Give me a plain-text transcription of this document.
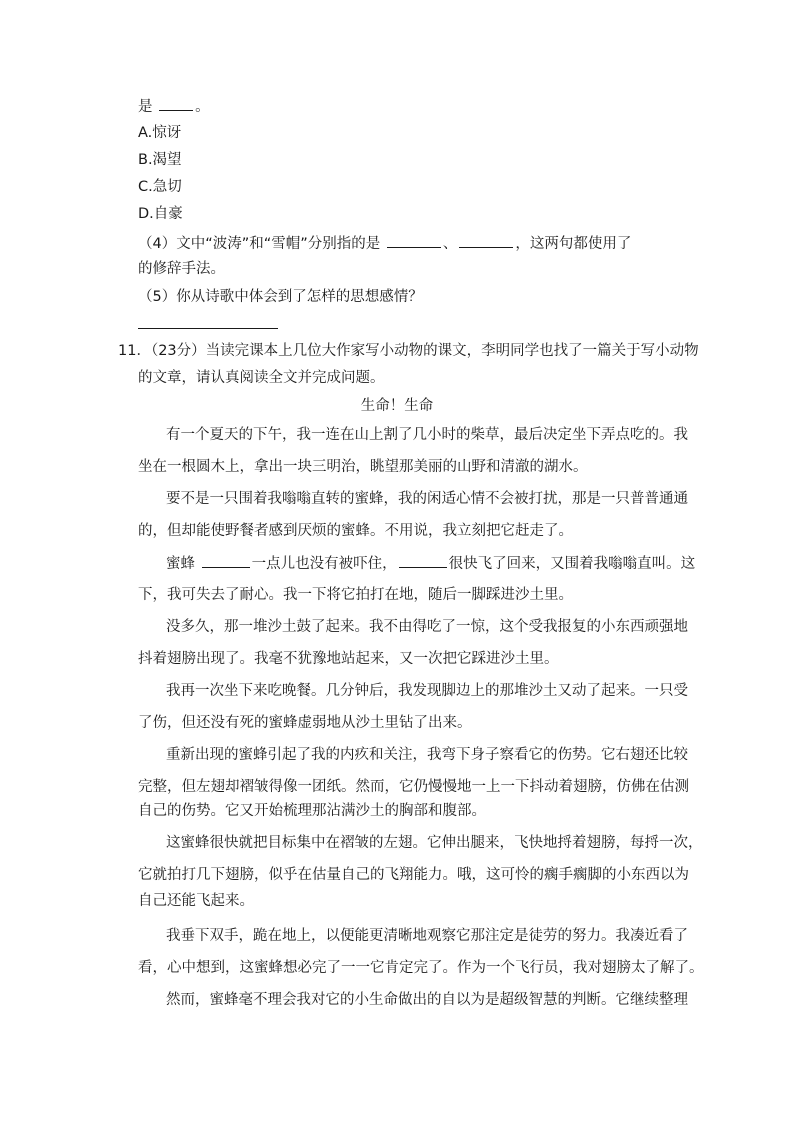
是	。
A.惊讶
B.渴望
C.急切
D.自豪
（4）文中“波涛”和“雪帽”分别指的是	、	，这两句都使用了
的修辞手法。
（5）你从诗歌中体会到了怎样的思想感情？
11．（23分）当读完课本上几位大作家写小动物的课文，李明同学也找了一篇关于写小动物
的文章，请认真阅读全文并完成问题。
生命！生命
有一个夏天的下午，我一连在山上割了几小时的柴草，最后决定坐下弄点吃的。我
坐在一根圆木上，拿出一块三明治，眺望那美丽的山野和清澈的湖水。
要不是一只围着我嗡嗡直转的蜜蜂，我的闲适心情不会被打扰，那是一只普普通通
的，但却能使野餐者感到厌烦的蜜蜂。不用说，我立刻把它赶走了。
蜜蜂	一点儿也没有被吓住，	很快飞了回来，又围着我嗡嗡直叫。这
下，我可失去了耐心。我一下将它拍打在地，随后一脚踩进沙土里。
没多久，那一堆沙土鼓了起来。我不由得吃了一惊，这个受我报复的小东西顽强地
抖着翅膀出现了。我毫不犹豫地站起来，又一次把它踩进沙土里。
我再一次坐下来吃晚餐。几分钟后，我发现脚边上的那堆沙土又动了起来。一只受
了伤，但还没有死的蜜蜂虚弱地从沙土里钻了出来。
重新出现的蜜蜂引起了我的内疚和关注，我弯下身子察看它的伤势。它右翅还比较
完整，但左翅却褶皱得像一团纸。然而，它仍慢慢地一上一下抖动着翅膀，仿佛在估测
自己的伤势。它又开始梳理那沾满沙土的胸部和腹部。
这蜜蜂很快就把目标集中在褶皱的左翅。它伸出腿来，飞快地捋着翅膀，每捋一次，
它就拍打几下翅膀，似乎在估量自己的飞翔能力。哦，这可怜的瘸手瘸脚的小东西以为
自己还能飞起来。
我垂下双手，跪在地上，以便能更清晰地观察它那注定是徒劳的努力。我凑近看了
看，心中想到，这蜜蜂想必完了一一它肯定完了。作为一个飞行员，我对翅膀太了解了。
然而，蜜蜂毫不理会我对它的小生命做出的自以为是超级智慧的判断。它继续整理
